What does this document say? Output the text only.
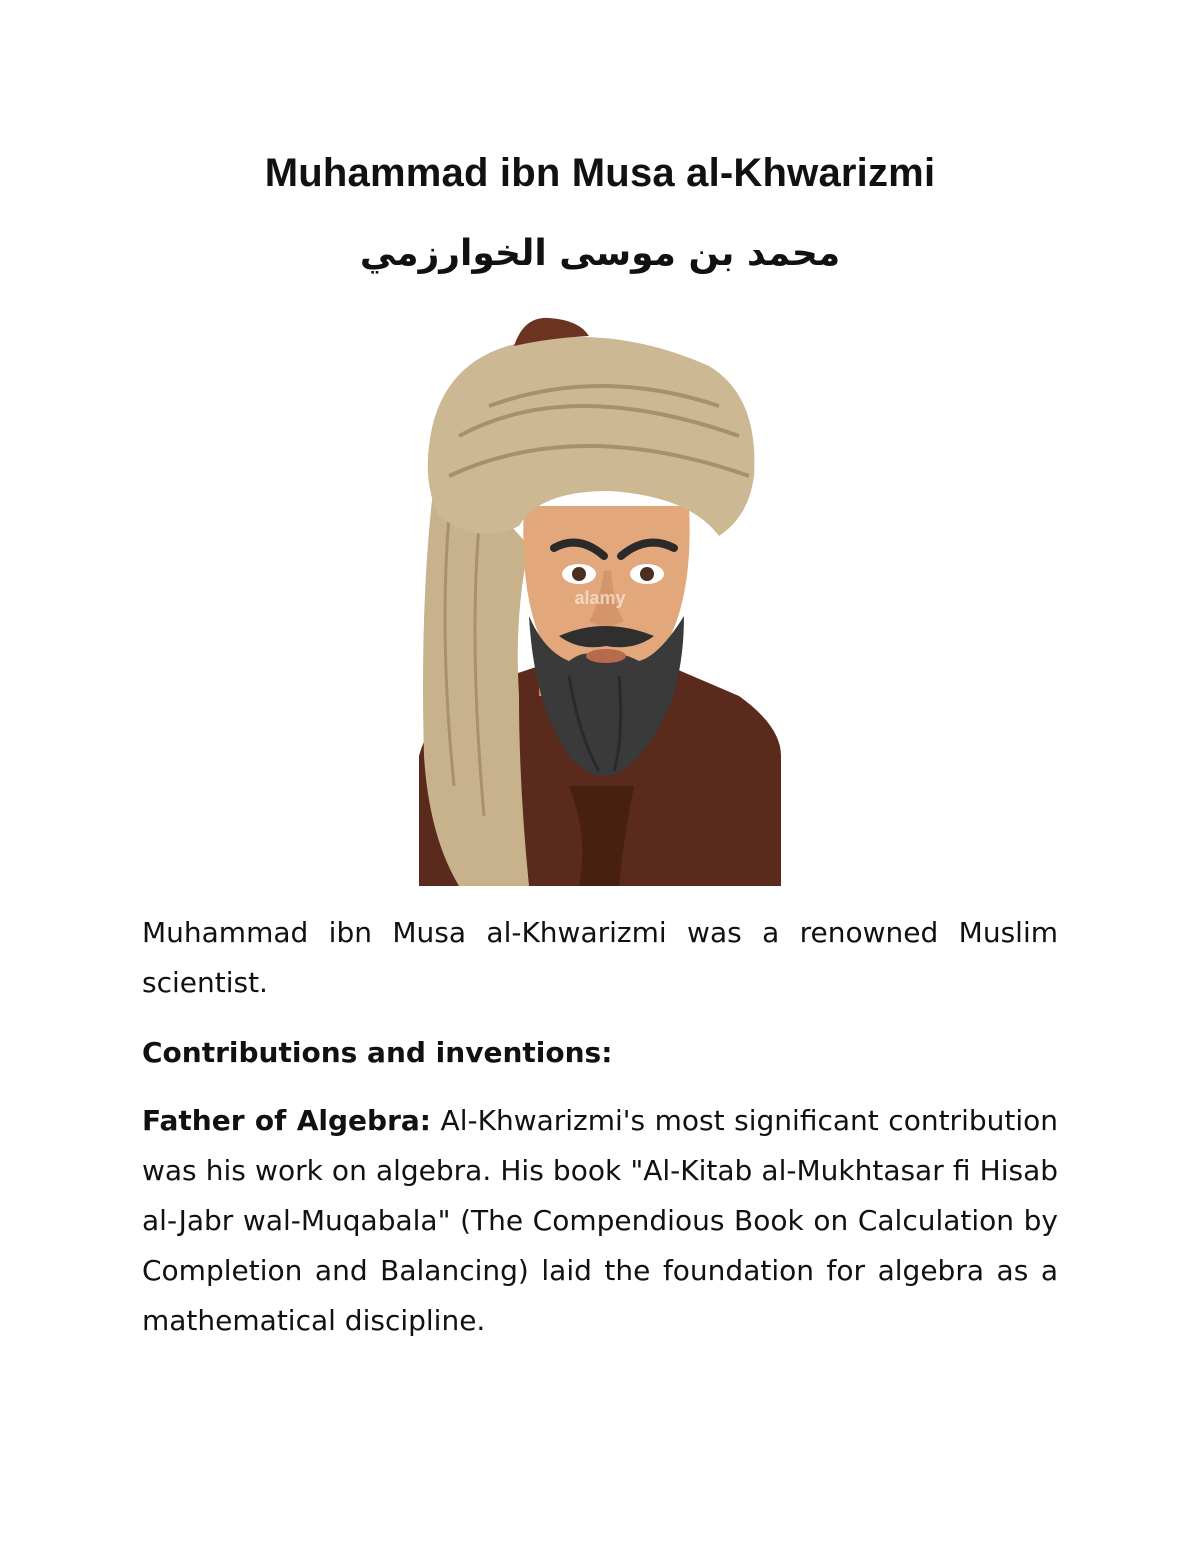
Muhammad ibn Musa al-Khwarizmi
محمد بن موسى الخوارزمي
alamy
Muhammad ibn Musa al-Khwarizmi was a renowned Muslim scientist.
Contributions and inventions:
Father of Algebra: Al-Khwarizmi's most significant contribution was his work on algebra. His book "Al-Kitab al-Mukhtasar fi Hisab al-Jabr wal-Muqabala" (The Compendious Book on Calculation by Completion and Balancing) laid the foundation for algebra as a mathematical discipline.
